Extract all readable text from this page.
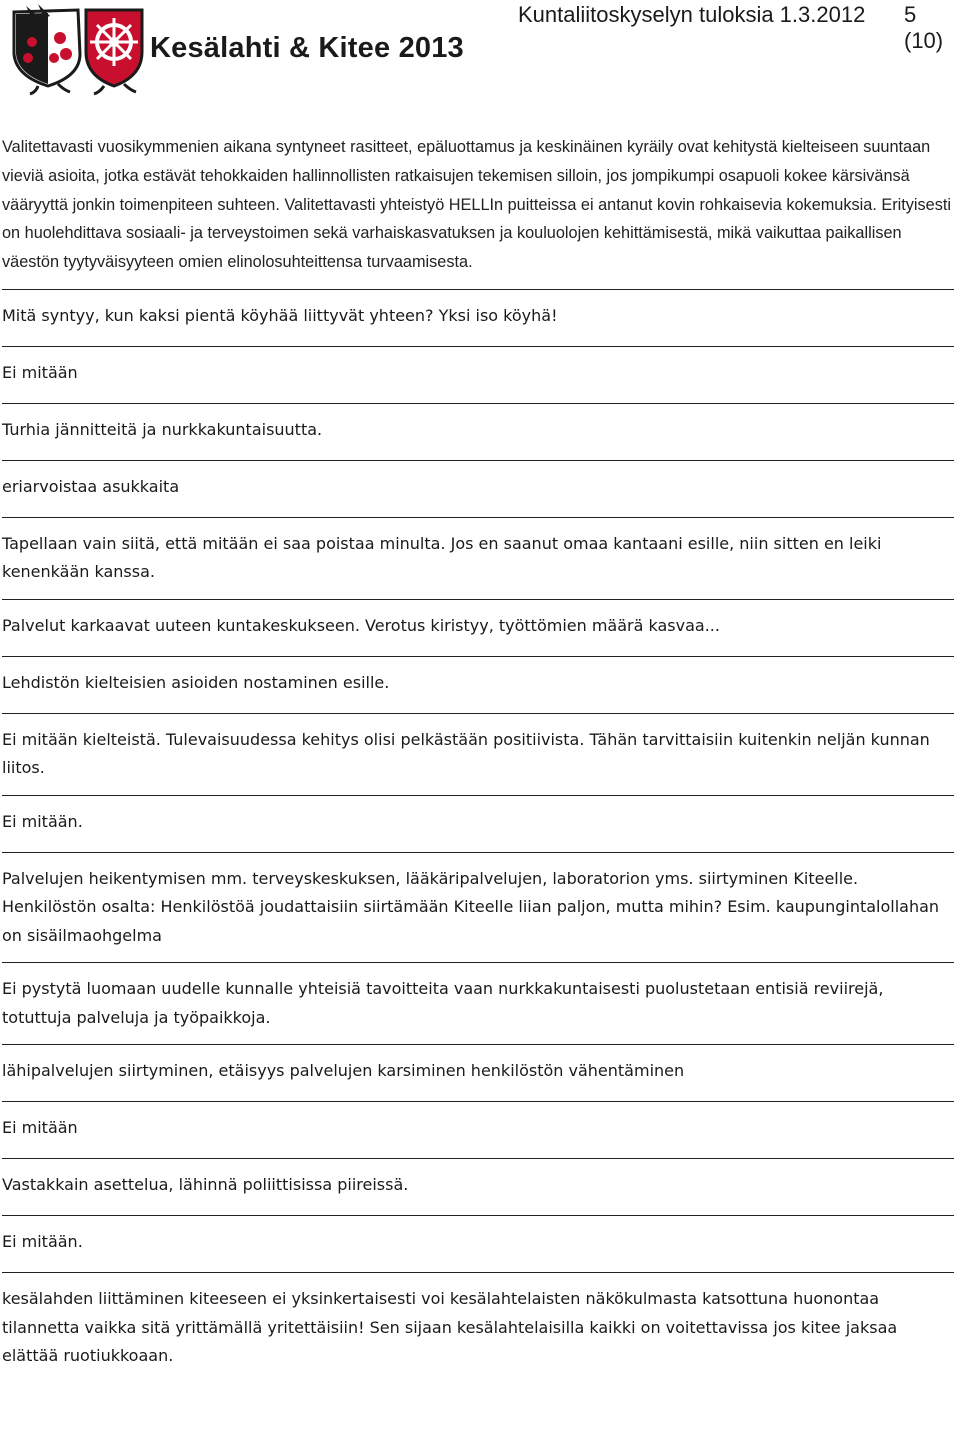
Kesälahti & Kitee 2013
Kuntaliitoskyselyn tuloksia 1.3.2012 5 (10)

Valitettavasti vuosikymmenien aikana syntyneet rasitteet, epäluottamus ja keskinäinen kyräily ovat kehitystä kielteiseen suuntaan vieviä asioita, jotka estävät tehokkaiden hallinnollisten ratkaisujen tekemisen silloin, jos jompikumpi osapuoli kokee kärsivänsä vääryyttä jonkin toimenpiteen suhteen. Valitettavasti yhteistyö HELLIn puitteissa ei antanut kovin rohkaisevia kokemuksia. Erityisesti on huolehdittava sosiaali- ja terveystoimen sekä varhaiskasvatuksen ja kouluolojen kehittämisestä, mikä vaikuttaa paikallisen väestön tyytyväisyyteen omien elinolosuhteittensa turvaamisesta.

Mitä syntyy, kun kaksi pientä köyhää liittyvät yhteen? Yksi iso köyhä!
Ei mitään
Turhia jännitteitä ja nurkkakuntaisuutta.
eriarvoistaa asukkaita
Tapellaan vain siitä, että mitään ei saa poistaa minulta. Jos en saanut omaa kantaani esille, niin sitten en leiki kenenkään kanssa.
Palvelut karkaavat uuteen kuntakeskukseen. Verotus kiristyy, työttömien määrä kasvaa...
Lehdistön kielteisien asioiden nostaminen esille.
Ei mitään kielteistä. Tulevaisuudessa kehitys olisi pelkästään positiivista. Tähän tarvittaisiin kuitenkin neljän kunnan liitos.
Ei mitään.
Palvelujen heikentymisen mm. terveyskeskuksen, lääkäripalvelujen, laboratorion yms. siirtyminen Kiteelle. Henkilöstön osalta: Henkilöstöä joudattaisiin siirtämään Kiteelle liian paljon, mutta mihin? Esim. kaupungintalollahan on sisäilmaohgelma
Ei pystytä luomaan uudelle kunnalle yhteisiä tavoitteita vaan nurkkakuntaisesti puolustetaan entisiä reviirejä, totuttuja palveluja ja työpaikkoja.
lähipalvelujen siirtyminen, etäisyys palvelujen karsiminen henkilöstön vähentäminen
Ei mitään
Vastakkain asettelua, lähinnä poliittisissa piireissä.
Ei mitään.
kesälahden liittäminen kiteeseen ei yksinkertaisesti voi kesälahtelaisten näkökulmasta katsottuna huonontaa tilannetta vaikka sitä yrittämällä yritettäisiin! Sen sijaan kesälahtelaisilla kaikki on voitettavissa jos kitee jaksaa elättää ruotiukkoaan.
